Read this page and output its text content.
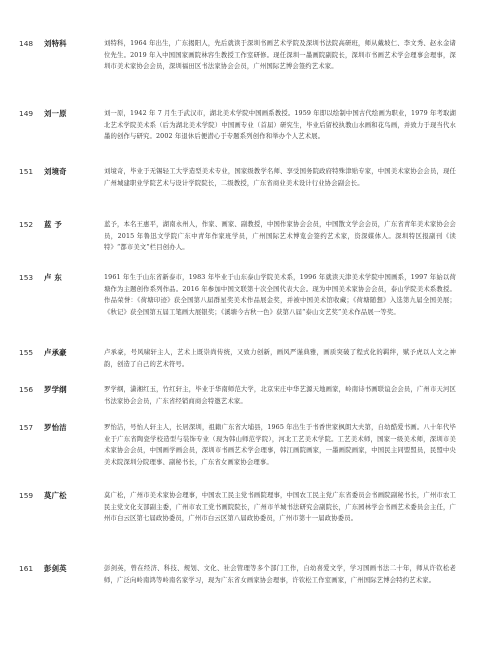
148	刘特科	刘特科，1964 年出生，广东揭阳人，先后就读于深圳书画艺术学院及深圳书法院高研班，师从戴坡仁、李文秀、赵永金诸位先生。2019 年入中国国家画院林容生教授工作室研修。现任深圳一墨画院副院长，深圳市书画艺术学会理事会理事，深圳市美术家协会会员，深圳福田区书法家协会会员，广州国际艺博会签约艺术家。
149	刘一原	刘一原，1942 年 7 月生于武汉市，湖北美术学院中国画系教授。1959 年即以绘制中国古代绘画为职业，1979 年考取湖北艺术学院美术系（后为湖北美术学院）中国画专业（首届）研究生，毕业后留校执教山水画和花鸟画，并致力于现当代水墨的创作与研究。2002 年退休后便潜心于专题系列创作和举办个人艺术展。
151	刘境奇	刘境奇，毕业于无锡轻工大学造型美术专业，国家级教学名师、享受国务院政府特殊津贴专家，中国美术家协会会员，现任广州城建职业学院艺术与设计学院院长，二级教授，广东省商业美术设计行业协会副会长。
152	蓝 予	蓝予，本名王惠平，湖南永州人，作家、画家、副教授，中国作家协会会员，中国散文学会会员，广东省青年美术家协会会员，2015 年鲁迅文学院广东中青年作家班学员，广州国际艺术博览会签约艺术家，资深媒体人。深圳特区报副刊《读特》“都市美文”栏目创办人。
153	卢 东	1961 年生于山东省新泰市，1983 年毕业于山东泰山学院美术系，1996 年就读天津美术学院中国画系，1997 年始以荷塘作为主题创作系列作品。2016 年参加中国文联第十次全国代表大会。现为中国美术家协会会员，泰山学院美术系教授。作品荣誉：《荷塘印迹》获全国第八届群星奖美术作品展金奖，并被中国美术馆收藏；《荷塘随想》入选第九届全国美展；《秋记》获全国第五届工笔画大展银奖；《溪塘今古秋一色》获第八届“泰山文艺奖”美术作品展一等奖。
155	卢承豪	卢承豪，号风啸轩主人，艺术上既崇尚传统，又致力创新，画风严谨典雅，画质突破了程式化的羁绊，赋予虎以人文之神韵，创造了自己的艺术符号。
156	罗学纲	罗学纲，潇湘红玉，竹红轩主，毕业于华南师范大学，北京宋庄中华艺源天地画家，岭南诗书画联谊会会员，广州市天河区书法家协会会员，广东省经销商商会特邀艺术家。
157	罗怡洁	罗怡洁，号怡人轩主人，长居深圳，祖籍广东省大埔县，1965 年出生于书香世家枫朗大夫第，自幼酷爱书画。八十年代毕业于广东省陶瓷学校造型与装饰专业（现为韩山师范学院），河北工艺美术学院。工艺美术师，国家一级美术师，深圳市美术家协会会员，中国画学画会员，深圳市书画艺术学会理事，韩江画院画家，一墨画院画家，中国民主同盟盟员，民盟中央美术院深圳分院理事、副秘书长，广东省女画家协会理事。
159	莫广松	莫广松，广州市美术家协会理事，中国农工民主党书画院理事，中国农工民主党广东省委员会书画院副秘书长，广州市农工民主党文化支部副主委，广州市农工党书画院院长，广州市羊城书法研究会副院长，广东园林学会书画艺术委员会主任，广州市白云区第七届政协委员，广州市白云区第八届政协委员，广州市第十一届政协委员。
161	彭剑英	彭剑英，曾在经济、科技、规划、文化、社会管理等多个部门工作，自幼喜爱文学，学习国画书法二十年，师从许钦松老师，广泛向岭南鸿等岭南名家学习，现为广东省女画家协会理事，许钦松工作室画家，广州国际艺博会特约艺术家。
